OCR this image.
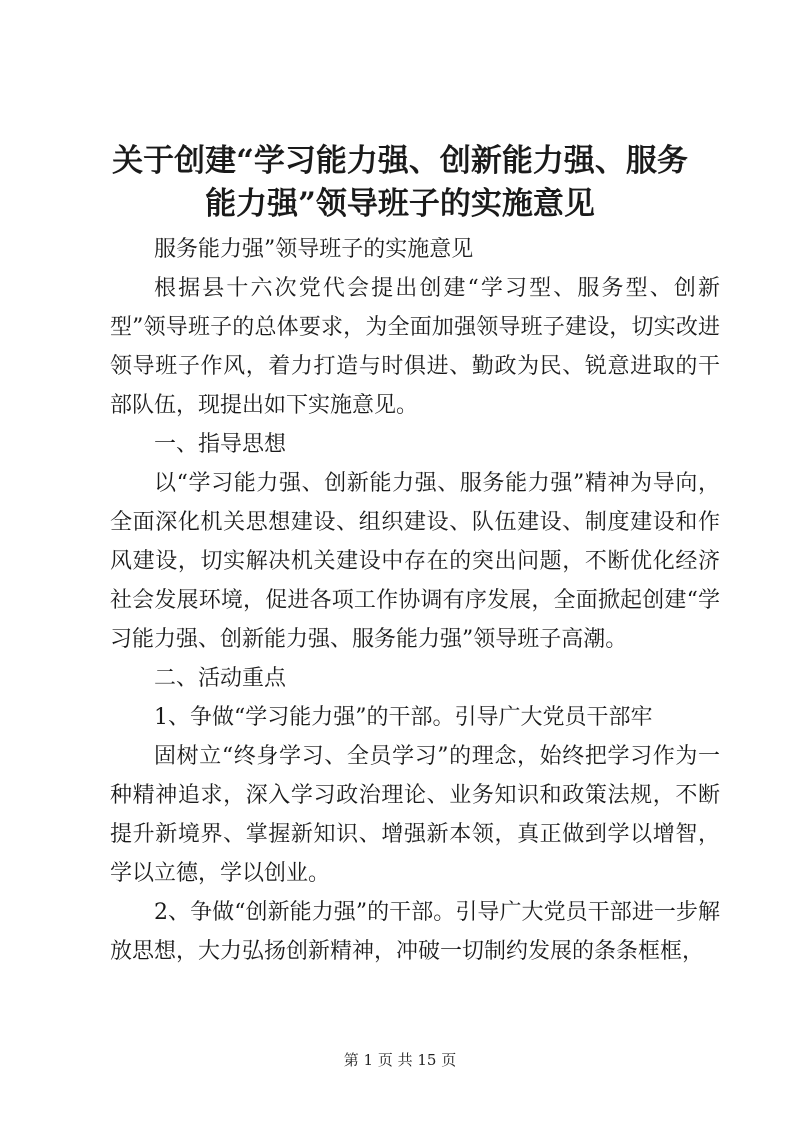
关于创建“学习能力强、创新能力强、服务能力强”领导班子的实施意见

服务能力强”领导班子的实施意见

根据县十六次党代会提出创建“学习型、服务型、创新型”领导班子的总体要求，为全面加强领导班子建设，切实改进领导班子作风，着力打造与时俱进、勤政为民、锐意进取的干部队伍，现提出如下实施意见。

一、指导思想

以“学习能力强、创新能力强、服务能力强”精神为导向，全面深化机关思想建设、组织建设、队伍建设、制度建设和作风建设，切实解决机关建设中存在的突出问题，不断优化经济社会发展环境，促进各项工作协调有序发展，全面掀起创建“学习能力强、创新能力强、服务能力强”领导班子高潮。

二、活动重点

1、争做“学习能力强”的干部。引导广大党员干部牢

固树立“终身学习、全员学习”的理念，始终把学习作为一种精神追求，深入学习政治理论、业务知识和政策法规，不断提升新境界、掌握新知识、增强新本领，真正做到学以增智，学以立德，学以创业。

2、争做“创新能力强”的干部。引导广大党员干部进一步解放思想，大力弘扬创新精神，冲破一切制约发展的条条框框，

第 1 页 共 15 页
